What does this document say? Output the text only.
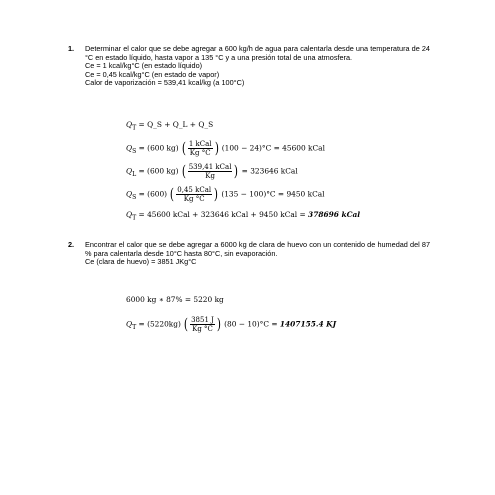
1. Determinar el calor que se debe agregar a 600 kg/h de agua para calentarla desde una temperatura de 24 °C en estado líquido, hasta vapor a 135 °C y a una presión total de una atmosfera.
Ce = 1 kcal/kg°C (en estado líquido)
Ce = 0,45 kcal/kg°C (en estado de vapor)
Calor de vaporización = 539,41 kcal/kg (a 100°C)
$Q_T$ = Q_S + Q_L + Q_S
$Q_S = (600$ kg) ( $\frac{\text{1 kCal}}{Kg ^\circ C}$ ) (100 − 24)°C = 45600 kCal
$Q_L = (600$ kg) ( $\frac{\text{539,41 kCal}}{Kg}$ ) = 323646 kCal
$Q_S = (600)$ ( $\frac{\text{0,45 kCal}}{Kg ^\circ C}$ ) (135 − 100)°C = 9450 kCal
$Q_T = 45600$ kCal + 323646 kCal + 9450 kCal = 378696 kCal
2. Encontrar el calor que se debe agregar a 6000 kg de clara de huevo con un contenido de humedad del 87 % para calentarla desde 10°C hasta 80°C, sin evaporación.
Ce (clara de huevo) = 3851 JKg°C
6000 kg ∗ 87% = 5220 kg
$Q_T = (5220kg)$ ( $\frac{3851 J}{Kg ^\circ C}$ ) (80 − 10)°C = 1407155.4 KJ
